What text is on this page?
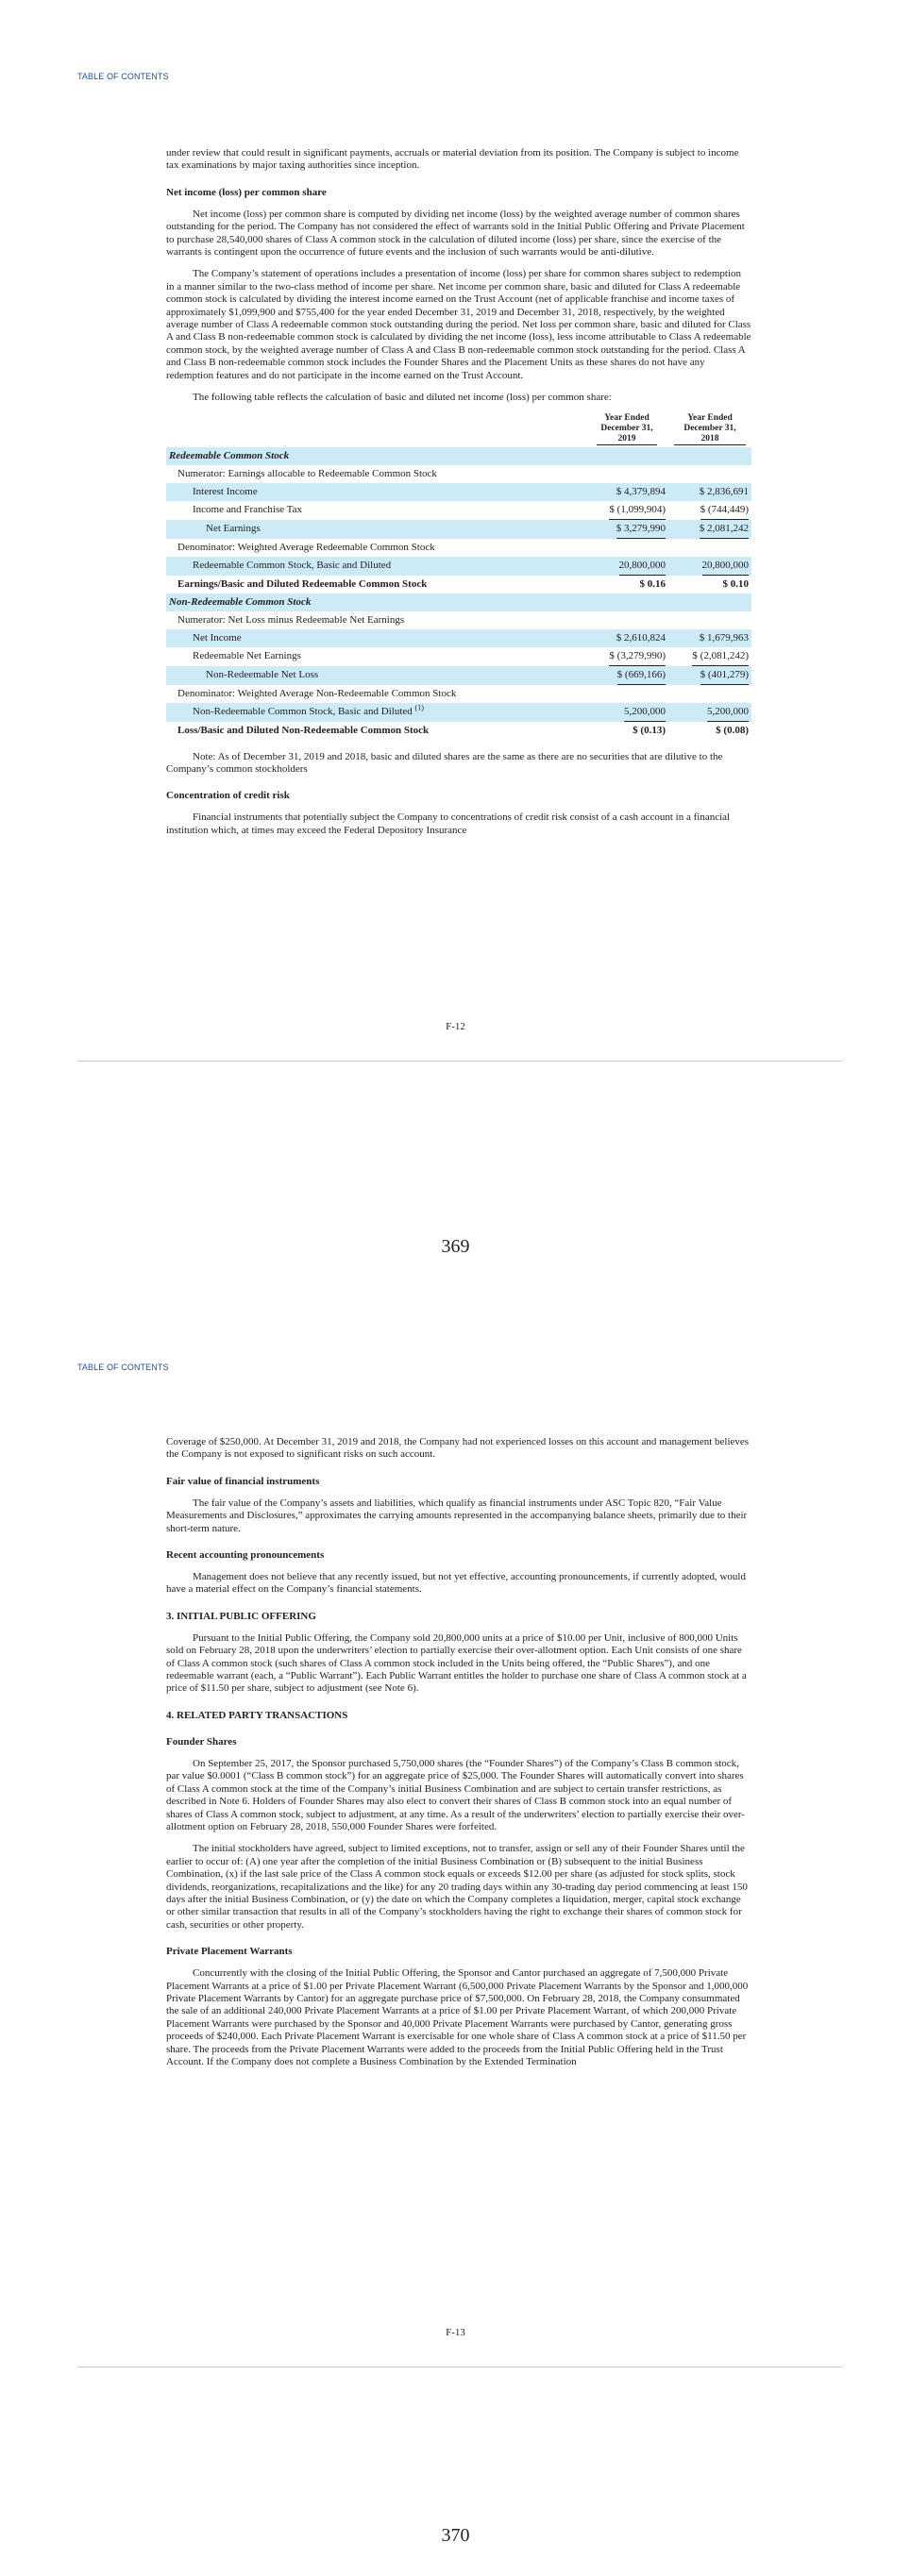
TABLE OF CONTENTS

under review that could result in significant payments, accruals or material deviation from its position. The Company is subject to income tax examinations by major taxing authorities since inception.

Net income (loss) per common share

Net income (loss) per common share is computed by dividing net income (loss) by the weighted average number of common shares outstanding for the period. The Company has not considered the effect of warrants sold in the Initial Public Offering and Private Placement to purchase 28,540,000 shares of Class A common stock in the calculation of diluted income (loss) per share, since the exercise of the warrants is contingent upon the occurrence of future events and the inclusion of such warrants would be anti-dilutive.

The Company’s statement of operations includes a presentation of income (loss) per share for common shares subject to redemption in a manner similar to the two-class method of income per share. Net income per common share, basic and diluted for Class A redeemable common stock is calculated by dividing the interest income earned on the Trust Account (net of applicable franchise and income taxes of approximately $1,099,900 and $755,400 for the year ended December 31, 2019 and December 31, 2018, respectively, by the weighted average number of Class A redeemable common stock outstanding during the period. Net loss per common share, basic and diluted for Class A and Class B non-redeemable common stock is calculated by dividing the net income (loss), less income attributable to Class A redeemable common stock, by the weighted average number of Class A and Class B non-redeemable common stock outstanding for the period. Class A and Class B non-redeemable common stock includes the Founder Shares and the Placement Units as these shares do not have any redemption features and do not participate in the income earned on the Trust Account.

The following table reflects the calculation of basic and diluted net income (loss) per common share:

	Year Ended December 31, 2019	Year Ended December 31, 2018
Redeemable Common Stock		
Numerator: Earnings allocable to Redeemable Common Stock		
Interest Income	$ 4,379,894	$ 2,836,691
Income and Franchise Tax	$ (1,099,904)	$ (744,449)
Net Earnings	$ 3,279,990	$ 2,081,242
Denominator: Weighted Average Redeemable Common Stock		
Redeemable Common Stock, Basic and Diluted	20,800,000	20,800,000
Earnings/Basic and Diluted Redeemable Common Stock	$ 0.16	$ 0.10
Non-Redeemable Common Stock		
Numerator: Net Loss minus Redeemable Net Earnings		
Net Income	$ 2,610,824	$ 1,679,963
Redeemable Net Earnings	$ (3,279,990)	$ (2,081,242)
Non-Redeemable Net Loss	$ (669,166)	$ (401,279)
Denominator: Weighted Average Non-Redeemable Common Stock		
Non-Redeemable Common Stock, Basic and Diluted $^{(1)}$	5,200,000	5,200,000
Loss/Basic and Diluted Non-Redeemable Common Stock	$ (0.13)	$ (0.08)

Note: As of December 31, 2019 and 2018, basic and diluted shares are the same as there are no securities that are dilutive to the Company’s common stockholders

Concentration of credit risk

Financial instruments that potentially subject the Company to concentrations of credit risk consist of a cash account in a financial institution which, at times may exceed the Federal Depository Insurance

F-12
369
TABLE OF CONTENTS

Coverage of $250,000. At December 31, 2019 and 2018, the Company had not experienced losses on this account and management believes the Company is not exposed to significant risks on such account.

Fair value of financial instruments

The fair value of the Company’s assets and liabilities, which qualify as financial instruments under ASC Topic 820, “Fair Value Measurements and Disclosures,” approximates the carrying amounts represented in the accompanying balance sheets, primarily due to their short-term nature.

Recent accounting pronouncements

Management does not believe that any recently issued, but not yet effective, accounting pronouncements, if currently adopted, would have a material effect on the Company’s financial statements.

3. INITIAL PUBLIC OFFERING

Pursuant to the Initial Public Offering, the Company sold 20,800,000 units at a price of $10.00 per Unit, inclusive of 800,000 Units sold on February 28, 2018 upon the underwriters’ election to partially exercise their over-allotment option. Each Unit consists of one share of Class A common stock (such shares of Class A common stock included in the Units being offered, the “Public Shares”), and one redeemable warrant (each, a “Public Warrant”). Each Public Warrant entitles the holder to purchase one share of Class A common stock at a price of $11.50 per share, subject to adjustment (see Note 6).

4. RELATED PARTY TRANSACTIONS
Founder Shares

On September 25, 2017, the Sponsor purchased 5,750,000 shares (the “Founder Shares”) of the Company’s Class B common stock, par value $0.0001 (“Class B common stock”) for an aggregate price of $25,000. The Founder Shares will automatically convert into shares of Class A common stock at the time of the Company’s initial Business Combination and are subject to certain transfer restrictions, as described in Note 6. Holders of Founder Shares may also elect to convert their shares of Class B common stock into an equal number of shares of Class A common stock, subject to adjustment, at any time. As a result of the underwriters’ election to partially exercise their over-allotment option on February 28, 2018, 550,000 Founder Shares were forfeited.

The initial stockholders have agreed, subject to limited exceptions, not to transfer, assign or sell any of their Founder Shares until the earlier to occur of: (A) one year after the completion of the initial Business Combination or (B) subsequent to the initial Business Combination, (x) if the last sale price of the Class A common stock equals or exceeds $12.00 per share (as adjusted for stock splits, stock dividends, reorganizations, recapitalizations and the like) for any 20 trading days within any 30-trading day period commencing at least 150 days after the initial Business Combination, or (y) the date on which the Company completes a liquidation, merger, capital stock exchange or other similar transaction that results in all of the Company’s stockholders having the right to exchange their shares of common stock for cash, securities or other property.

Private Placement Warrants

Concurrently with the closing of the Initial Public Offering, the Sponsor and Cantor purchased an aggregate of 7,500,000 Private Placement Warrants at a price of $1.00 per Private Placement Warrant (6,500,000 Private Placement Warrants by the Sponsor and 1,000,000 Private Placement Warrants by Cantor) for an aggregate purchase price of $7,500,000. On February 28, 2018, the Company consummated the sale of an additional 240,000 Private Placement Warrants at a price of $1.00 per Private Placement Warrant, of which 200,000 Private Placement Warrants were purchased by the Sponsor and 40,000 Private Placement Warrants were purchased by Cantor, generating gross proceeds of $240,000. Each Private Placement Warrant is exercisable for one whole share of Class A common stock at a price of $11.50 per share. The proceeds from the Private Placement Warrants were added to the proceeds from the Initial Public Offering held in the Trust Account. If the Company does not complete a Business Combination by the Extended Termination

F-13
370
